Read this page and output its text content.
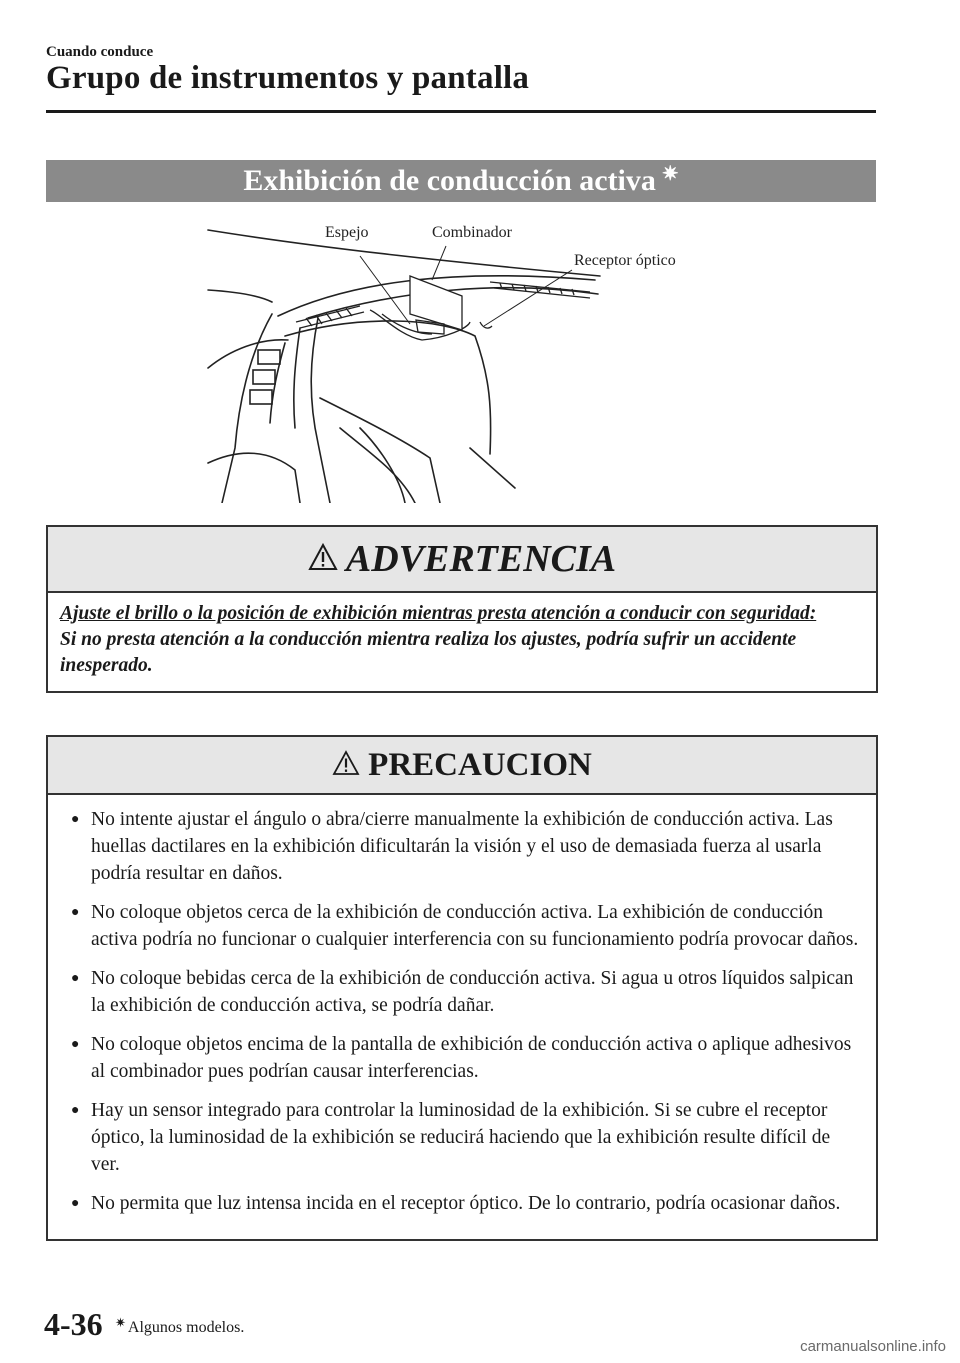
Cuando conduce
Grupo de instrumentos y pantalla
Exhibición de conducción activa ✷
Espejo	Combinador
Receptor óptico
ADVERTENCIA
Ajuste el brillo o la posición de exhibición mientras presta atención a conducir con seguridad:
Si no presta atención a la conducción mientra realiza los ajustes, podría sufrir un accidente inesperado.
PRECAUCION
● No intente ajustar el ángulo o abra/cierre manualmente la exhibición de conducción activa. Las huellas dactilares en la exhibición dificultarán la visión y el uso de demasiada fuerza al usarla podría resultar en daños.
● No coloque objetos cerca de la exhibición de conducción activa. La exhibición de conducción activa podría no funcionar o cualquier interferencia con su funcionamiento podría provocar daños.
● No coloque bebidas cerca de la exhibición de conducción activa. Si agua u otros líquidos salpican la exhibición de conducción activa, se podría dañar.
● No coloque objetos encima de la pantalla de exhibición de conducción activa o aplique adhesivos al combinador pues podrían causar interferencias.
● Hay un sensor integrado para controlar la luminosidad de la exhibición. Si se cubre el receptor óptico, la luminosidad de la exhibición se reducirá haciendo que la exhibición resulte difícil de ver.
● No permita que luz intensa incida en el receptor óptico. De lo contrario, podría ocasionar daños.
4-36 ✷ Algunos modelos.
carmanualsonline.info
